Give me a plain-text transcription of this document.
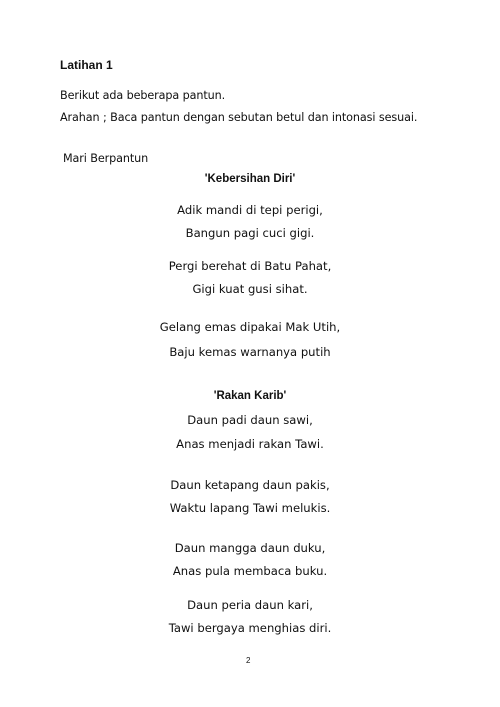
Latihan 1
Berikut ada beberapa pantun.
Arahan ; Baca pantun dengan sebutan betul dan intonasi sesuai.
Mari Berpantun
'Kebersihan Diri'
Adik mandi di tepi perigi,
Bangun pagi cuci gigi.
Pergi berehat di Batu Pahat,
Gigi kuat gusi sihat.
Gelang emas dipakai Mak Utih,
Baju kemas warnanya putih
'Rakan Karib'
Daun padi daun sawi,
Anas menjadi rakan Tawi.
Daun ketapang daun pakis,
Waktu lapang Tawi melukis.
Daun mangga daun duku,
Anas pula membaca buku.
Daun peria daun kari,
Tawi bergaya menghias diri.
2
